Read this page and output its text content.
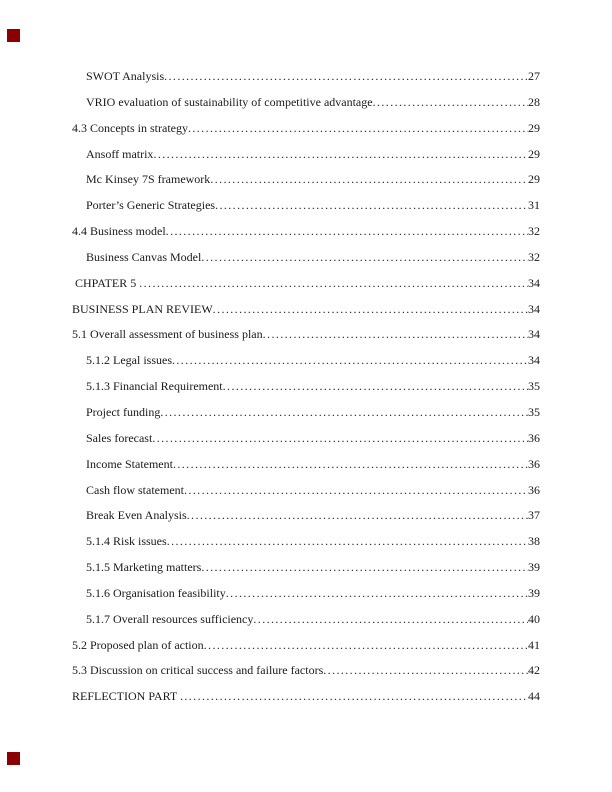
SWOT Analysis .....	27
VRIO evaluation of sustainability of competitive advantage .....	28
4.3 Concepts in strategy .....	29
Ansoff matrix .....	29
Mc Kinsey 7S framework .....	29
Porter’s Generic Strategies .....	31
4.4 Business model .....	32
Business Canvas Model .....	32
CHPATER 5 .....	34
BUSINESS PLAN REVIEW .....	34
5.1 Overall assessment of business plan .....	34
5.1.2 Legal issues .....	34
5.1.3 Financial Requirement .....	35
Project funding .....	35
Sales forecast .....	36
Income Statement .....	36
Cash flow statement .....	36
Break Even Analysis .....	37
5.1.4 Risk issues .....	38
5.1.5 Marketing matters .....	39
5.1.6 Organisation feasibility .....	39
5.1.7 Overall resources sufficiency .....	40
5.2 Proposed plan of action .....	41
5.3 Discussion on critical success and failure factors .....	42
REFLECTION PART .....	44
